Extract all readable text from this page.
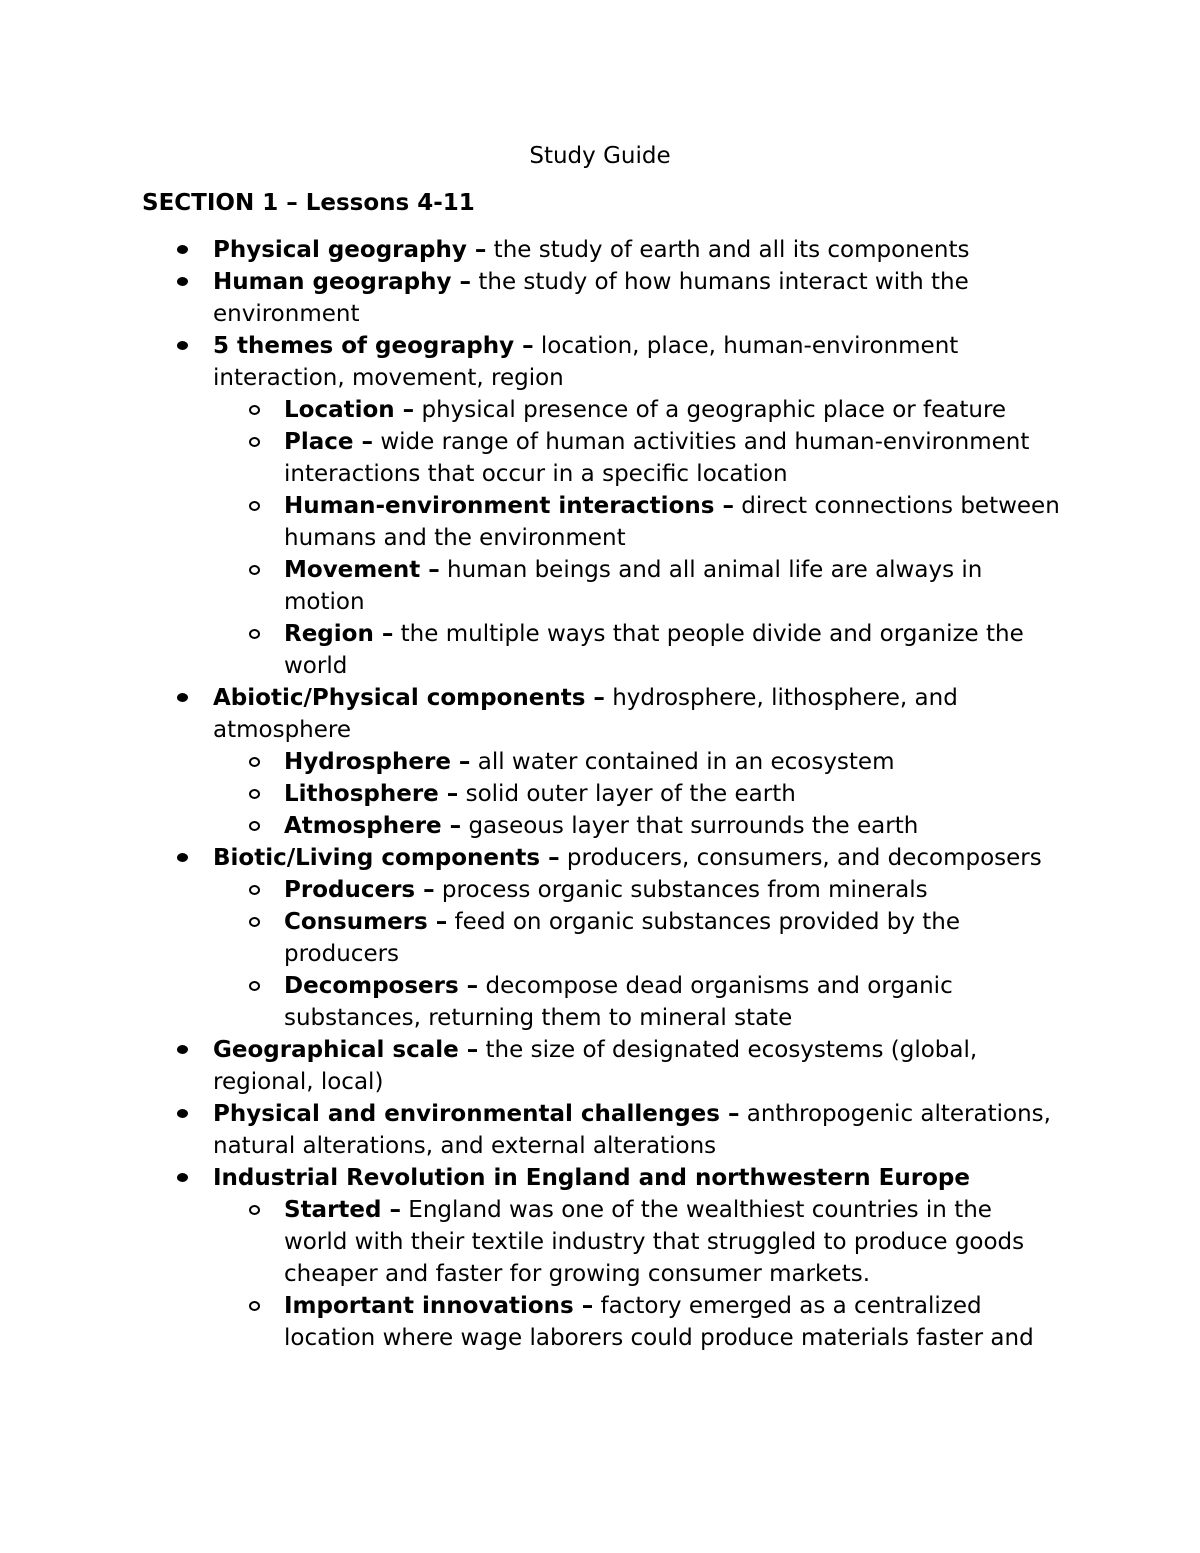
Study Guide
SECTION 1 – Lessons 4-11
Physical geography – the study of earth and all its components
Human geography – the study of how humans interact with the environment
5 themes of geography – location, place, human-environment interaction, movement, region
Location – physical presence of a geographic place or feature
Place – wide range of human activities and human-environment interactions that occur in a specific location
Human-environment interactions – direct connections between humans and the environment
Movement – human beings and all animal life are always in motion
Region – the multiple ways that people divide and organize the world
Abiotic/Physical components – hydrosphere, lithosphere, and atmosphere
Hydrosphere – all water contained in an ecosystem
Lithosphere – solid outer layer of the earth
Atmosphere – gaseous layer that surrounds the earth
Biotic/Living components – producers, consumers, and decomposers
Producers – process organic substances from minerals
Consumers – feed on organic substances provided by the producers
Decomposers – decompose dead organisms and organic substances, returning them to mineral state
Geographical scale – the size of designated ecosystems (global, regional, local)
Physical and environmental challenges – anthropogenic alterations, natural alterations, and external alterations
Industrial Revolution in England and northwestern Europe
Started – England was one of the wealthiest countries in the world with their textile industry that struggled to produce goods cheaper and faster for growing consumer markets.
Important innovations – factory emerged as a centralized location where wage laborers could produce materials faster and
